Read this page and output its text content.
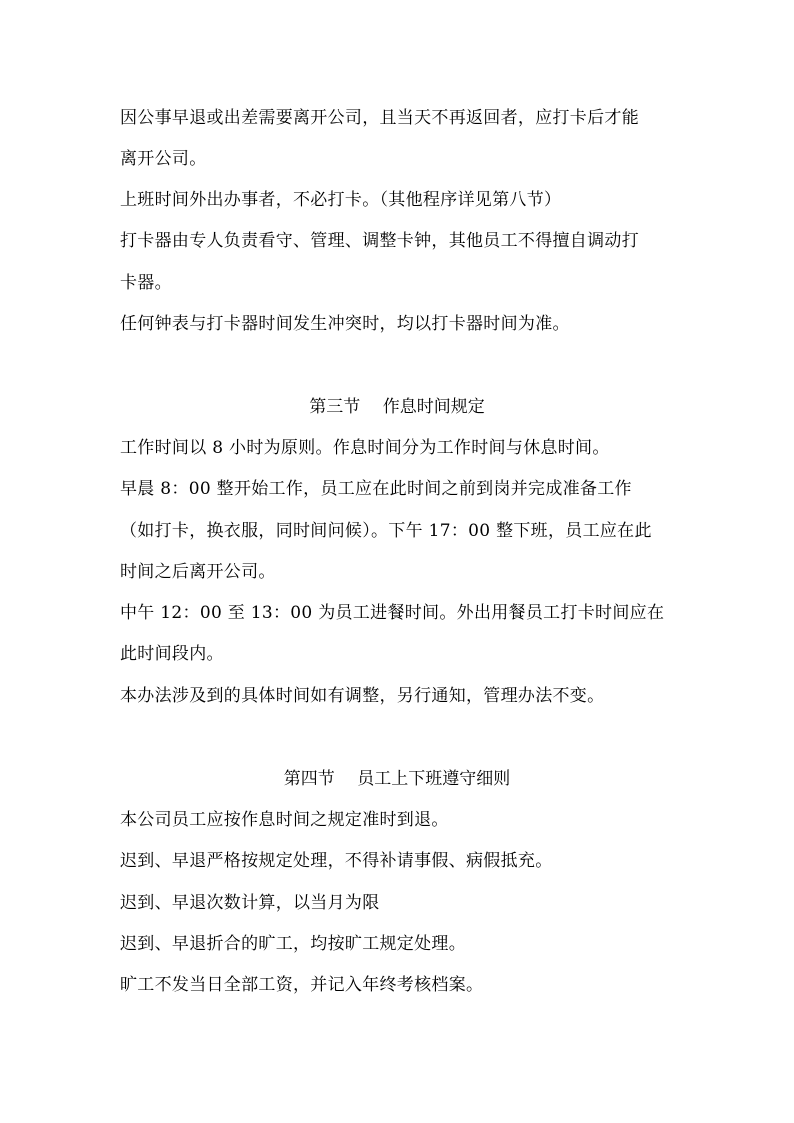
因公事早退或出差需要离开公司，且当天不再返回者，应打卡后才能
离开公司。
上班时间外出办事者，不必打卡。（其他程序详见第八节）
打卡器由专人负责看守、管理、调整卡钟，其他员工不得擅自调动打
卡器。
任何钟表与打卡器时间发生冲突时，均以打卡器时间为准。
第三节　 作息时间规定
工作时间以 8 小时为原则。作息时间分为工作时间与休息时间。
早晨 8：00 整开始工作，员工应在此时间之前到岗并完成准备工作
（如打卡，换衣服，同时间问候）。下午 17：00 整下班，员工应在此
时间之后离开公司。
中午 12：00 至 13：00 为员工进餐时间。外出用餐员工打卡时间应在
此时间段内。
本办法涉及到的具体时间如有调整，另行通知，管理办法不变。
第四节　 员工上下班遵守细则
本公司员工应按作息时间之规定准时到退。
迟到、早退严格按规定处理，不得补请事假、病假抵充。
迟到、早退次数计算，以当月为限
迟到、早退折合的旷工，均按旷工规定处理。
旷工不发当日全部工资，并记入年终考核档案。
